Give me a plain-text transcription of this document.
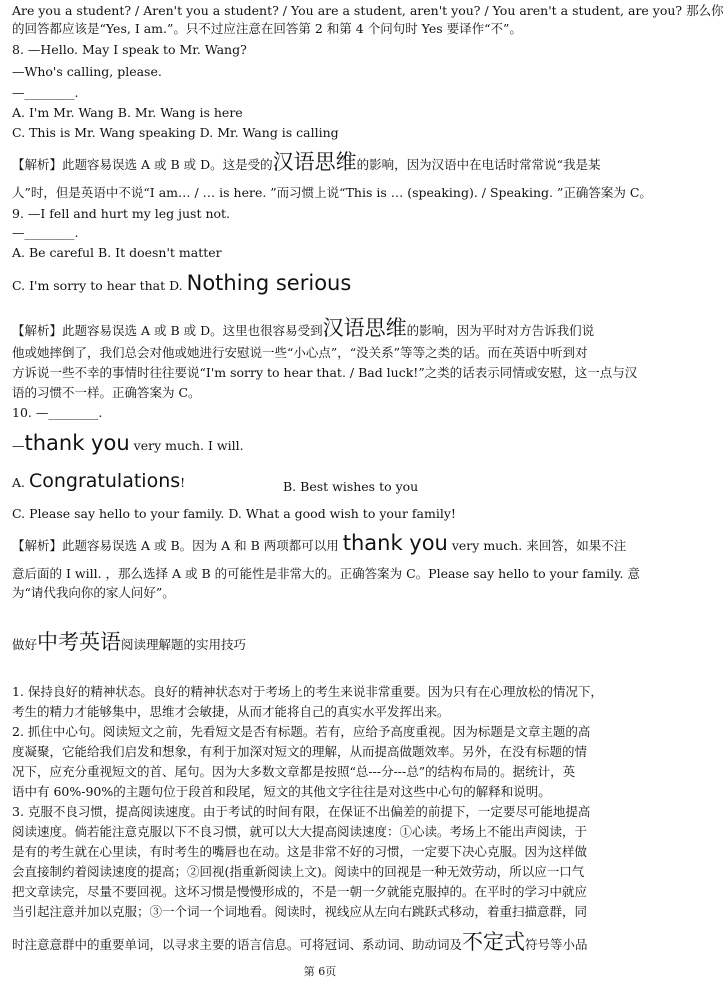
Are you a student? / Aren't you a student? / You are a student, aren't you? / You aren't a student, are you? 那么你
的回答都应该是“Yes, I am.”。只不过应注意在回答第 2 和第 4 个问句时 Yes 要译作“不”。
8. —Hello. May I speak to Mr. Wang?
—Who's calling, please.
—________.
A. I'm Mr. Wang B. Mr. Wang is here
C. This is Mr. Wang speaking D. Mr. Wang is calling
【解析】此题容易误选 A 或 B 或 D。这是受的汉语思维的影响，因为汉语中在电话时常常说“我是某
人”时，但是英语中不说“I am… / … is here. ”而习惯上说“This is … (speaking). / Speaking. ”正确答案为 C。
9. —I fell and hurt my leg just not.
—________.
A. Be careful B. It doesn't matter
C. I'm sorry to hear that D. Nothing serious
【解析】此题容易误选 A 或 B 或 D。这里也很容易受到汉语思维的影响，因为平时对方告诉我们说
他或她摔倒了，我们总会对他或她进行安慰说一些“小心点”，“没关系”等等之类的话。而在英语中听到对
方诉说一些不幸的事情时往往要说“I'm sorry to hear that. / Bad luck!”之类的话表示同情或安慰，这一点与汉
语的习惯不一样。正确答案为 C。
10. —________.
—thank you very much. I will.
A. Congratulations!	B. Best wishes to you
C. Please say hello to your family. D. What a good wish to your family!
【解析】此题容易误选 A 或 B。因为 A 和 B 两项都可以用 thank you very much. 来回答，如果不注
意后面的 I will. ，那么选择 A 或 B 的可能性是非常大的。正确答案为 C。Please say hello to your family. 意
为“请代我向你的家人问好”。
做好中考英语阅读理解题的实用技巧
1. 保持良好的精神状态。良好的精神状态对于考场上的考生来说非常重要。因为只有在心理放松的情况下，
考生的精力才能够集中，思维才会敏捷，从而才能将自己的真实水平发挥出来。
2. 抓住中心句。阅读短文之前，先看短文是否有标题。若有，应给予高度重视。因为标题是文章主题的高
度凝聚，它能给我们启发和想象，有利于加深对短文的理解，从而提高做题效率。另外，在没有标题的情
况下，应充分重视短文的首、尾句。因为大多数文章都是按照“总---分---总”的结构布局的。据统计，英
语中有 60%-90%的主题句位于段首和段尾，短文的其他文字往往是对这些中心句的解释和说明。
3. 克服不良习惯，提高阅读速度。由于考试的时间有限，在保证不出偏差的前提下，一定要尽可能地提高
阅读速度。倘若能注意克服以下不良习惯，就可以大大提高阅读速度：①心读。考场上不能出声阅读，于
是有的考生就在心里读，有时考生的嘴唇也在动。这是非常不好的习惯，一定要下决心克服。因为这样做
会直接制约着阅读速度的提高；②回视(指重新阅读上文)。阅读中的回视是一种无效劳动，所以应一口气
把文章读完，尽量不要回视。这坏习惯是慢慢形成的，不是一朝一夕就能克服掉的。在平时的学习中就应
当引起注意并加以克服；③一个词一个词地看。阅读时，视线应从左向右跳跃式移动，着重扫描意群，同
时注意意群中的重要单词，以寻求主要的语言信息。可将冠词、系动词、助动词及不定式符号等小品
第 6页
